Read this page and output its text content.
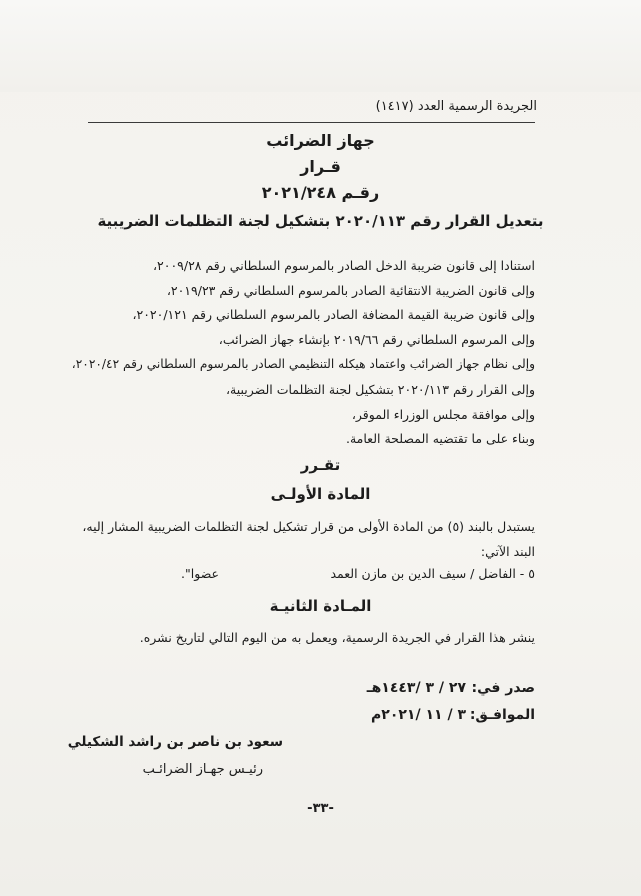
الجريدة الرسمية العدد (١٤١٧)
جهاز الضرائب
قـرار
رقـم ٢٠٢١/٢٤٨
بتعديل القرار رقم ٢٠٢٠/١١٣ بتشكيل لجنة التظلمات الضريبية
استنادا إلى قانون ضريبة الدخل الصادر بالمرسوم السلطاني رقم ٢٠٠٩/٢٨،
وإلى قانون الضريبة الانتقائية الصادر بالمرسوم السلطاني رقم ٢٠١٩/٢٣،
وإلى قانون ضريبة القيمة المضافة الصادر بالمرسوم السلطاني رقم ٢٠٢٠/١٢١،
وإلى المرسوم السلطاني رقم ٢٠١٩/٦٦ بإنشاء جهاز الضرائب،
وإلى نظام جهاز الضرائب واعتماد هيكله التنظيمي الصادر بالمرسوم السلطاني رقم ٢٠٢٠/٤٢،
وإلى القرار رقم ٢٠٢٠/١١٣ بتشكيل لجنة التظلمات الضريبية،
وإلى موافقة مجلس الوزراء الموقر،
وبناء على ما تقتضيه المصلحة العامة.
تقـرر
المادة الأولـى
يستبدل بالبند (٥) من المادة الأولى من قرار تشكيل لجنة التظلمات الضريبية المشار إليه،
البند الآتي:
٥ - الفاضل / سيف الدين بن مازن العمد
عضوا".
المـادة الثانيـة
ينشر هذا القرار في الجريدة الرسمية، ويعمل به من اليوم التالي لتاريخ نشره.
صدر في:
٢٧ / ٣ /١٤٤٣هـ
الموافـق:
٣ / ١١ /٢٠٢١م
سعود بن ناصر بن راشد الشكيلي
رئيـس جهـاز الضرائـب
-٣٣-
